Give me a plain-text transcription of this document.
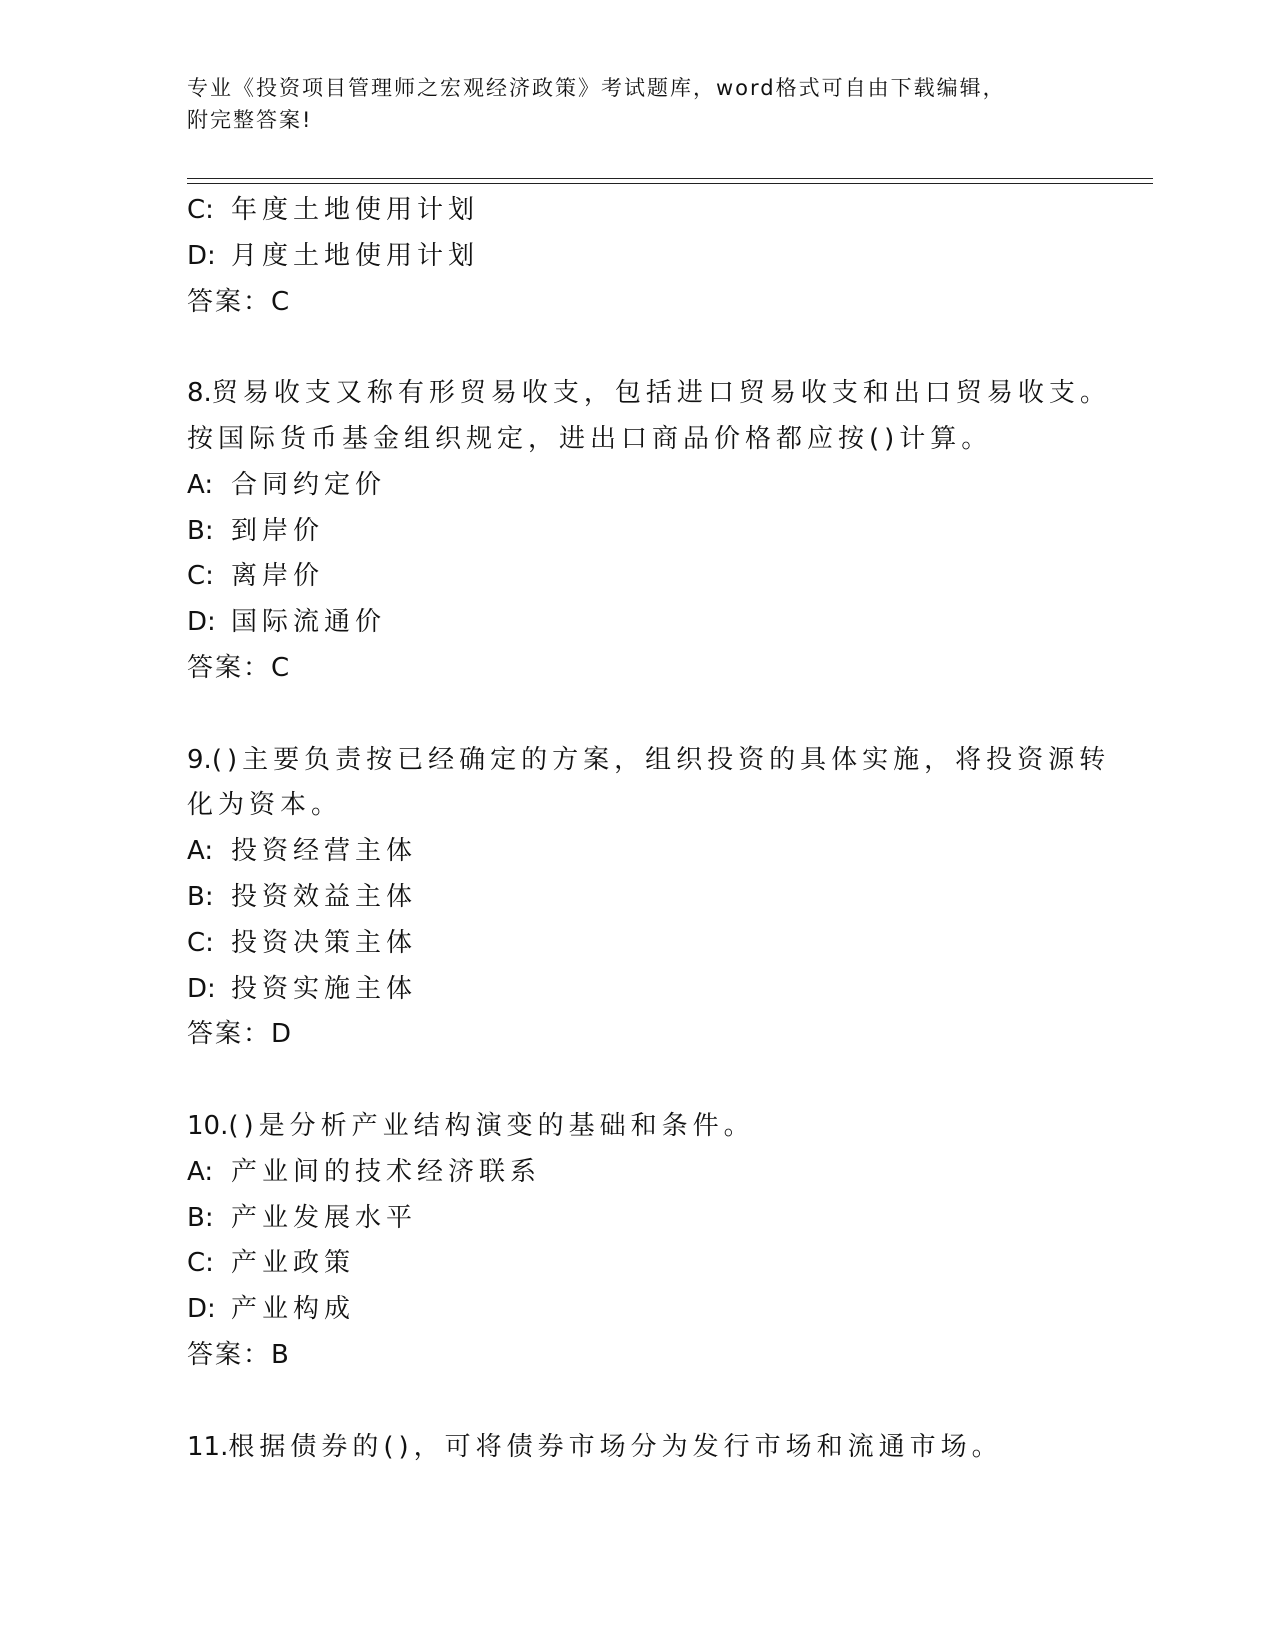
专业《投资项目管理师之宏观经济政策》考试题库，word格式可自由下载编辑，
附完整答案!
C: 年度土地使用计划
D: 月度土地使用计划
答案：C
8.贸易收支又称有形贸易收支，包括进口贸易收支和出口贸易收支。
按国际货币基金组织规定，进出口商品价格都应按()计算。
A: 合同约定价
B: 到岸价
C: 离岸价
D: 国际流通价
答案：C
9.()主要负责按已经确定的方案，组织投资的具体实施，将投资源转
化为资本。
A: 投资经营主体
B: 投资效益主体
C: 投资决策主体
D: 投资实施主体
答案：D
10.()是分析产业结构演变的基础和条件。
A: 产业间的技术经济联系
B: 产业发展水平
C: 产业政策
D: 产业构成
答案：B
11.根据债券的()，可将债券市场分为发行市场和流通市场。
